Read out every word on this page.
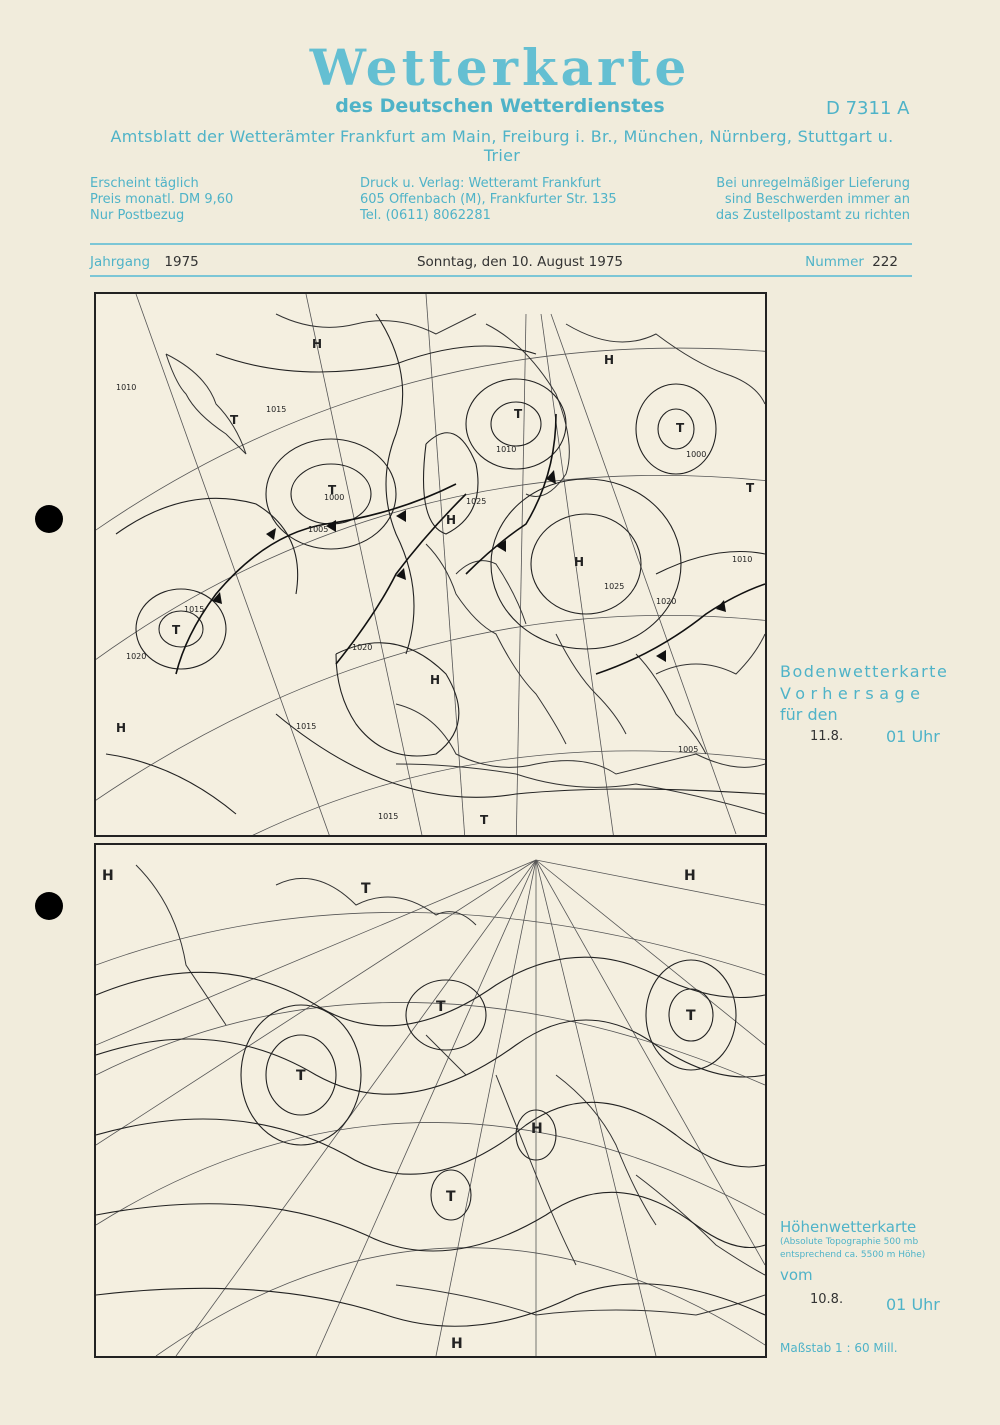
Wetterkarte
des Deutschen Wetterdienstes	D 7311 A
Amtsblatt der Wetterämter Frankfurt am Main, Freiburg i. Br., München, Nürnberg, Stuttgart u. Trier
Erscheint täglich
Preis monatl. DM 9,60
Nur Postbezug
Druck u. Verlag: Wetteramt Frankfurt
605 Offenbach (M), Frankfurter Str. 135
Tel. (0611) 8062281
Bei unregelmäßiger Lieferung
sind Beschwerden immer an
das Zustellpostamt zu richten
Jahrgang 1975	Sonntag, den 10. August 1975	Nummer 222
1010
1015
1000
1005
1020
1025
1015
1020
1010
1000
1005
1015
1020
1025
1010
1015
T
T
T
H
H
H
H
T
T
H
T
T
H
Bodenwetterkarte
Vorhersage
für den
11.8.	01 Uhr
H
T
H
T
T
H
T
T
H
Höhenwetterkarte
(Absolute Topographie 500 mb
entsprechend ca. 5500 m Höhe)
vom
10.8.	01 Uhr
Maßstab 1 : 60 Mill.
